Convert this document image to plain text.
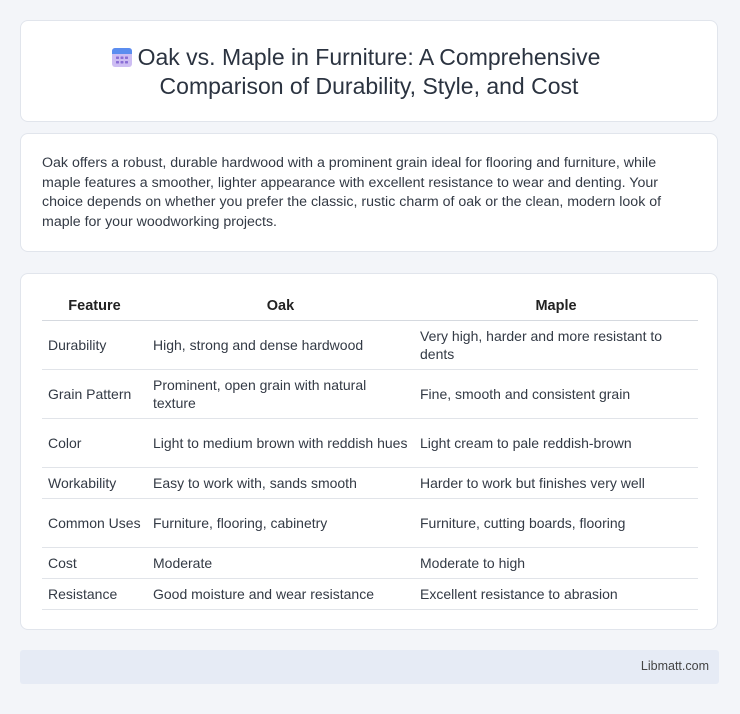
Oak vs. Maple in Furniture: A Comprehensive
Comparison of Durability, Style, and Cost

Oak offers a robust, durable hardwood with a prominent grain ideal for flooring and furniture, while maple features a smoother, lighter appearance with excellent resistance to wear and denting. Your choice depends on whether you prefer the classic, rustic charm of oak or the clean, modern look of maple for your woodworking projects.

Feature	Oak	Maple
Durability	High, strong and dense hardwood	Very high, harder and more resistant to dents
Grain Pattern	Prominent, open grain with natural texture	Fine, smooth and consistent grain
Color	Light to medium brown with reddish hues	Light cream to pale reddish-brown
Workability	Easy to work with, sands smooth	Harder to work but finishes very well
Common Uses	Furniture, flooring, cabinetry	Furniture, cutting boards, flooring
Cost	Moderate	Moderate to high
Resistance	Good moisture and wear resistance	Excellent resistance to abrasion
Libmatt.com
